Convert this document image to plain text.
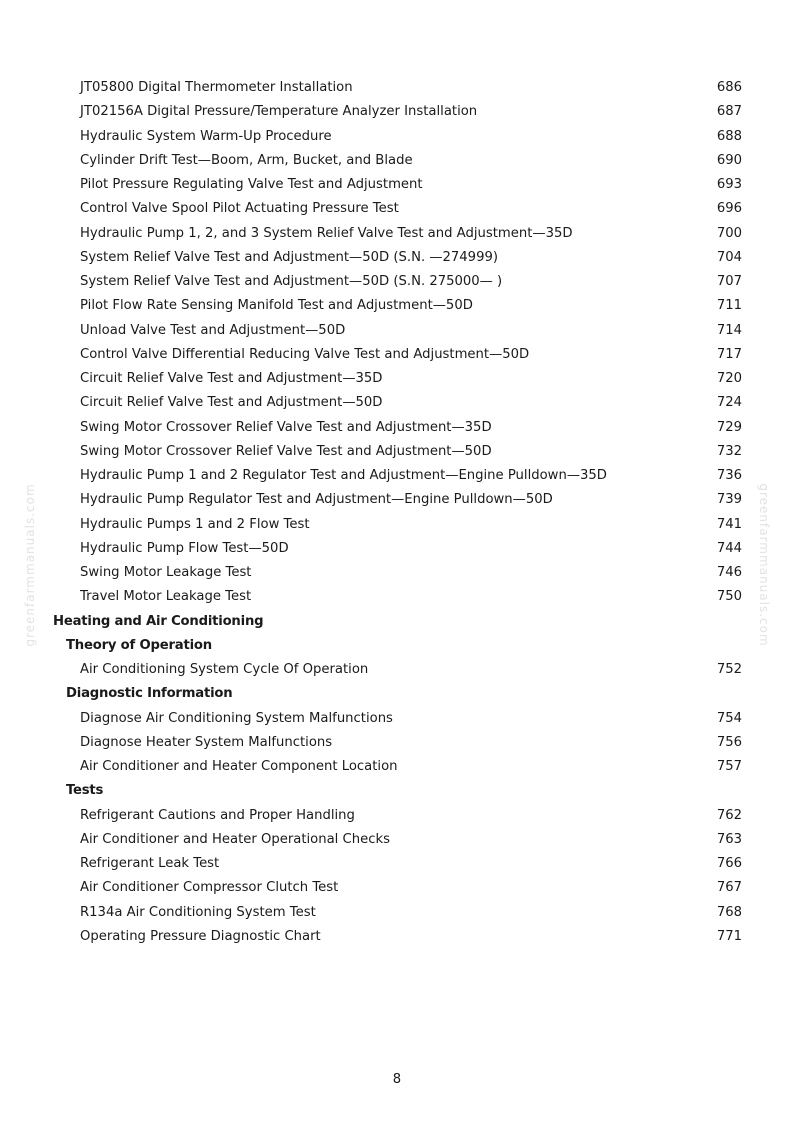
JT05800 Digital Thermometer Installation	686
JT02156A Digital Pressure/Temperature Analyzer Installation	687
Hydraulic System Warm-Up Procedure	688
Cylinder Drift Test—Boom, Arm, Bucket, and Blade	690
Pilot Pressure Regulating Valve Test and Adjustment	693
Control Valve Spool Pilot Actuating Pressure Test	696
Hydraulic Pump 1, 2, and 3 System Relief Valve Test and Adjustment—35D	700
System Relief Valve Test and Adjustment—50D (S.N. —274999)	704
System Relief Valve Test and Adjustment—50D (S.N. 275000— )	707
Pilot Flow Rate Sensing Manifold Test and Adjustment—50D	711
Unload Valve Test and Adjustment—50D	714
Control Valve Differential Reducing Valve Test and Adjustment—50D	717
Circuit Relief Valve Test and Adjustment—35D	720
Circuit Relief Valve Test and Adjustment—50D	724
Swing Motor Crossover Relief Valve Test and Adjustment—35D	729
Swing Motor Crossover Relief Valve Test and Adjustment—50D	732
Hydraulic Pump 1 and 2 Regulator Test and Adjustment—Engine Pulldown—35D	736
Hydraulic Pump Regulator Test and Adjustment—Engine Pulldown—50D	739
Hydraulic Pumps 1 and 2 Flow Test	741
Hydraulic Pump Flow Test—50D	744
Swing Motor Leakage Test	746
Travel Motor Leakage Test	750
Heating and Air Conditioning
Theory of Operation
Air Conditioning System Cycle Of Operation	752
Diagnostic Information
Diagnose Air Conditioning System Malfunctions	754
Diagnose Heater System Malfunctions	756
Air Conditioner and Heater Component Location	757
Tests
Refrigerant Cautions and Proper Handling	762
Air Conditioner and Heater Operational Checks	763
Refrigerant Leak Test	766
Air Conditioner Compressor Clutch Test	767
R134a Air Conditioning System Test	768
Operating Pressure Diagnostic Chart	771
greenfarmmanuals.com	greenfarmmanuals.com
8
